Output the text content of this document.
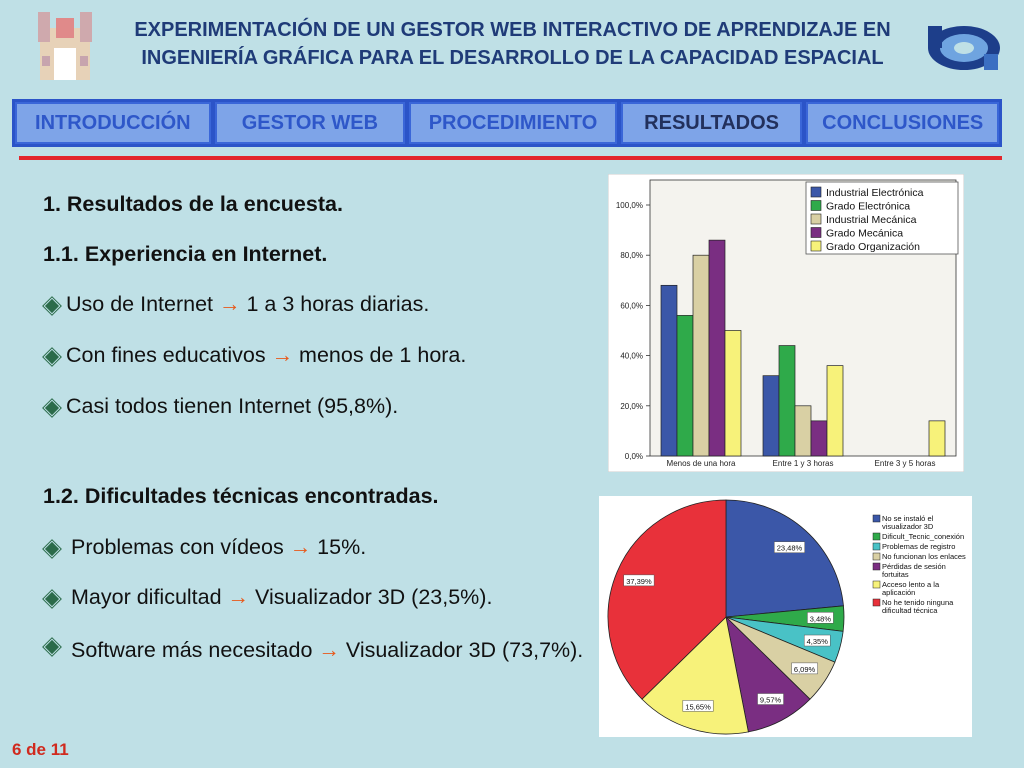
EXPERIMENTACIÓN DE UN GESTOR WEB INTERACTIVO DE APRENDIZAJE EN
INGENIERÍA GRÁFICA PARA EL DESARROLLO DE LA CAPACIDAD ESPACIAL
INTRODUCCIÓN	GESTOR WEB	PROCEDIMIENTO	RESULTADOS	CONCLUSIONES
1. Resultados de la encuesta.
1.1. Experiencia en Internet.
Uso de Internet → 1 a 3 horas diarias.
Con fines educativos → menos de 1 hora.
Casi todos tienen Internet (95,8%).
1.2. Dificultades técnicas encontradas.
Problemas con vídeos → 15%.
Mayor dificultad → Visualizador 3D (23,5%).
Software más necesitado → Visualizador 3D (73,7%).
6 de 11
0,0%
20,0%
40,0%
60,0%
80,0%
100,0%
Menos de una hora	Entre 1 y 3 horas	Entre 3 y 5 horas
Industrial Electrónica
Grado Electrónica
Industrial Mecánica
Grado Mecánica
Grado Organización
23,48%
3,48%
4,35%
6,09%
9,57%
15,65%
37,39%
No se instaló el visualizador 3D
Dificult_Tecnic_conexión
Problemas de registro
No funcionan los enlaces
Pérdidas de sesión fortuitas
Acceso lento a la aplicación
No he tenido ninguna dificultad técnica
